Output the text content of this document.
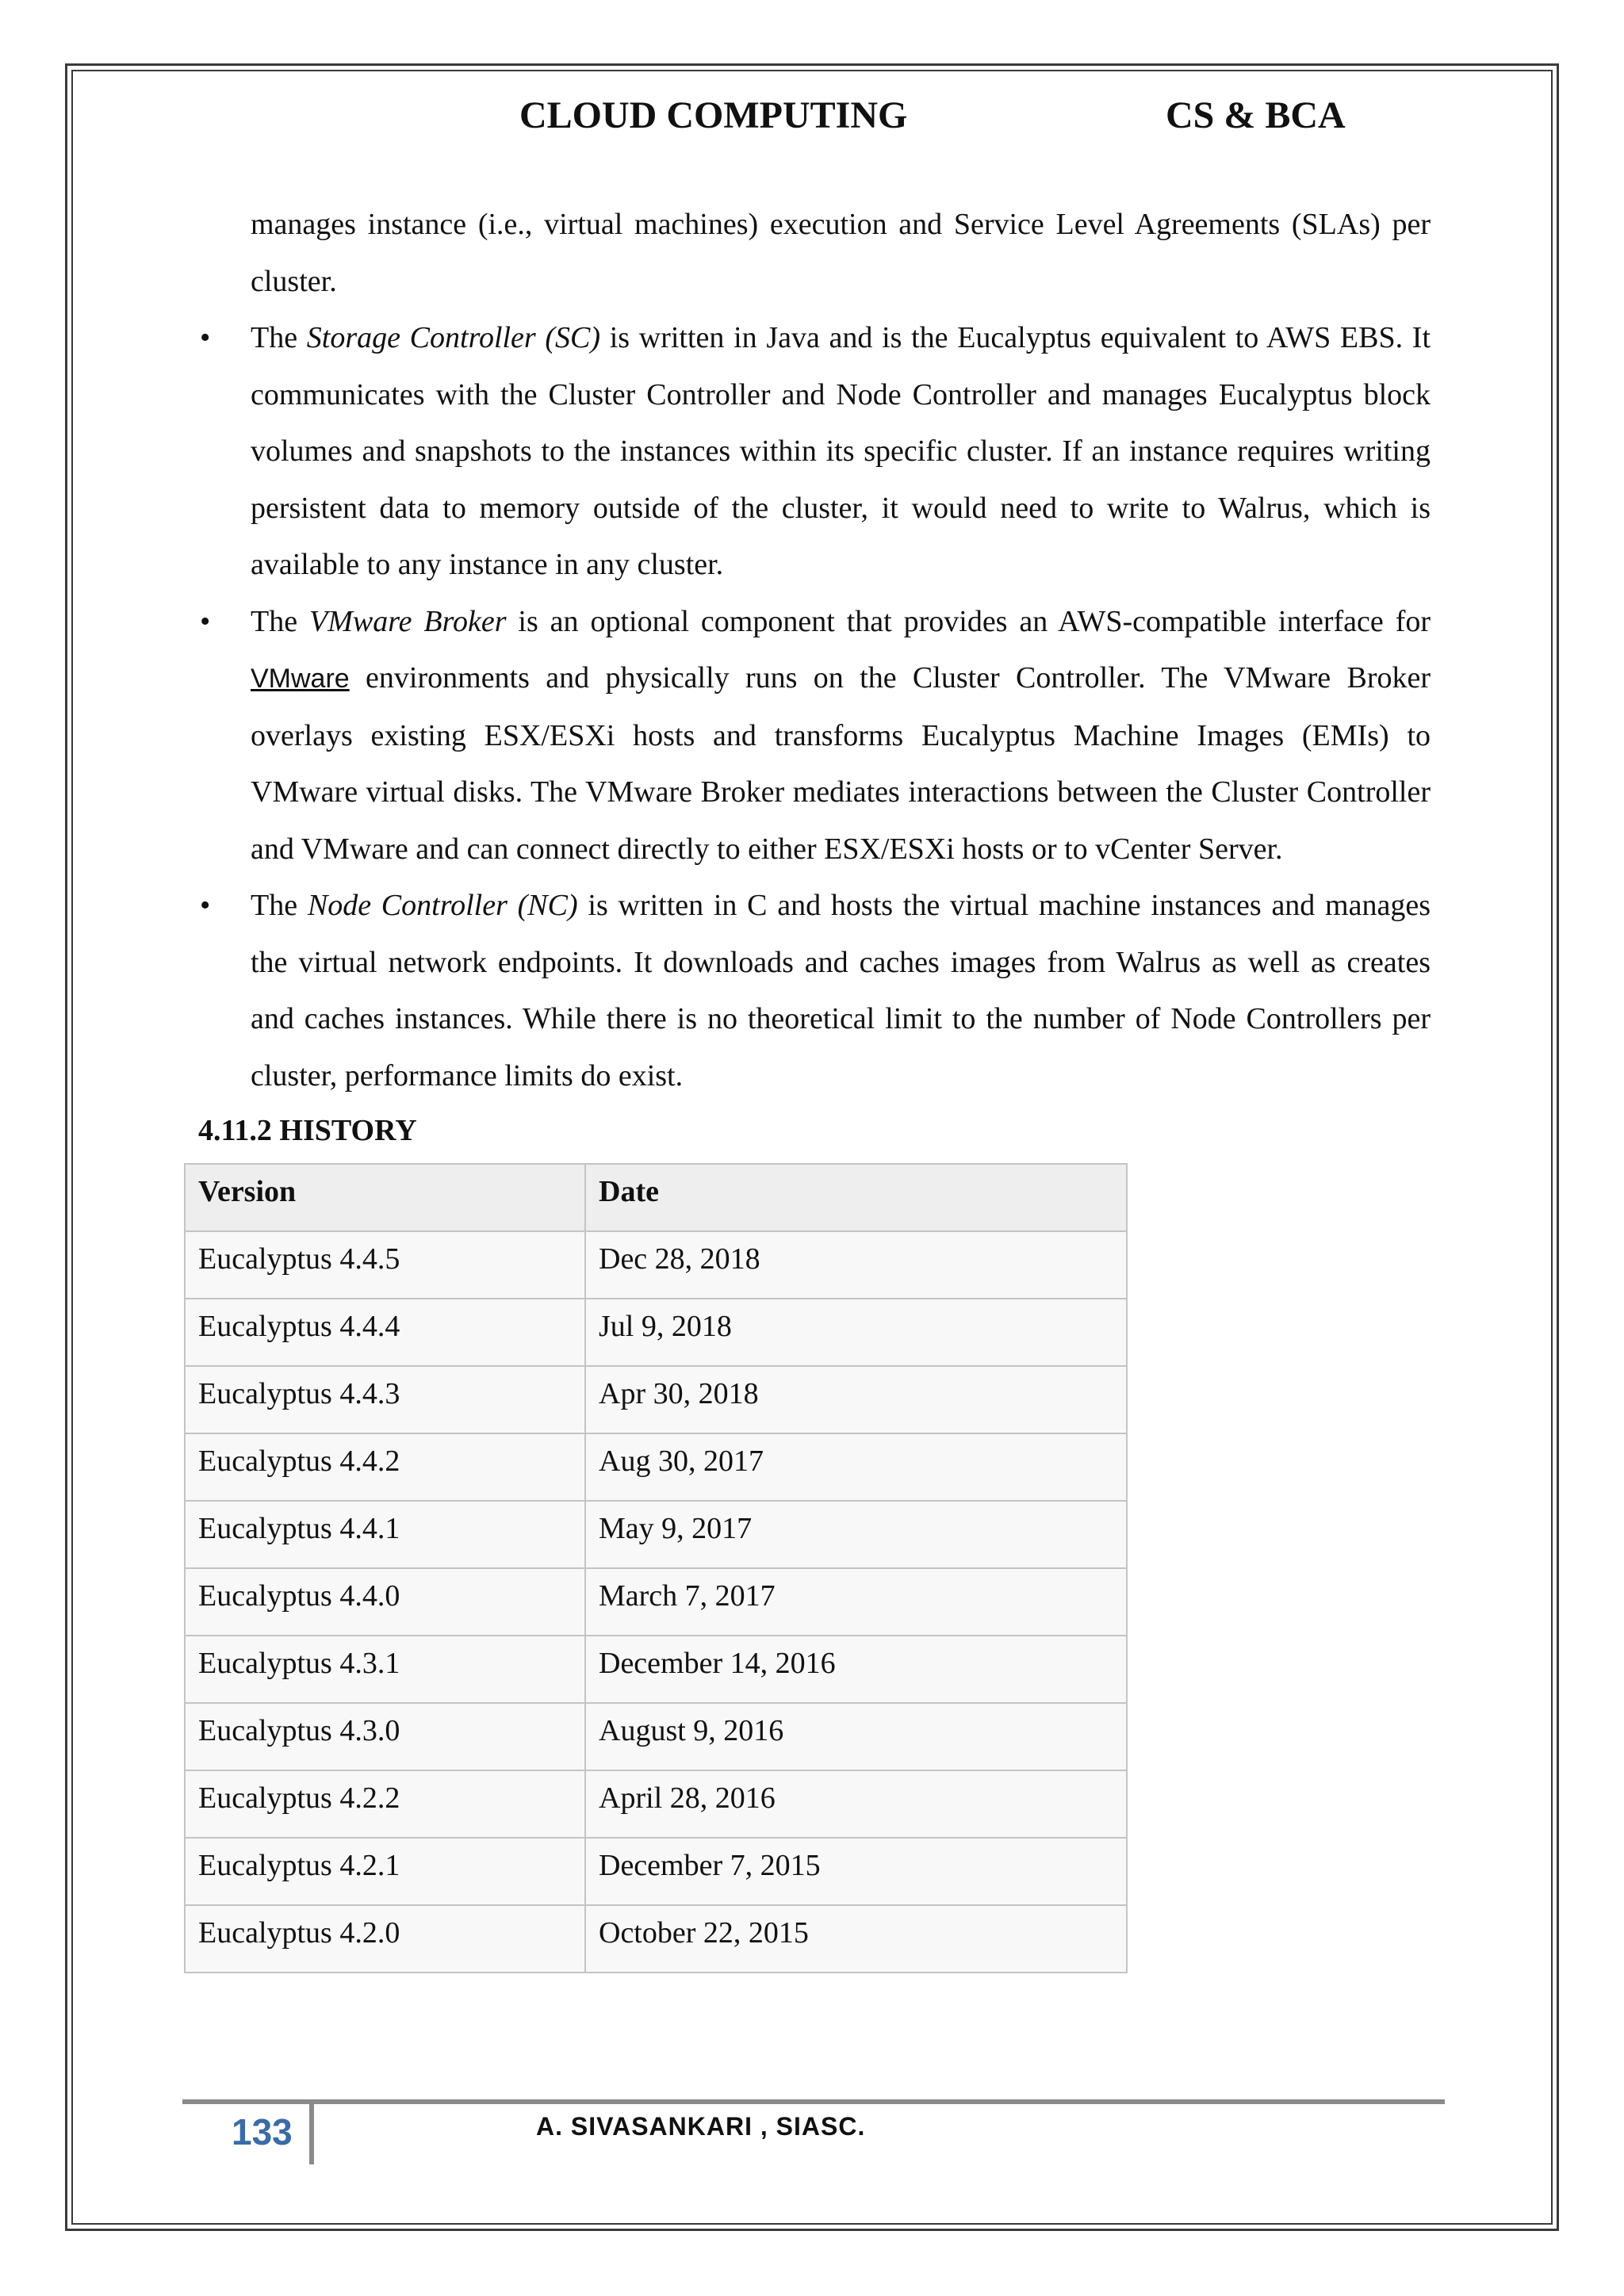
CLOUD COMPUTING	CS & BCA

manages instance (i.e., virtual machines) execution and Service Level Agreements (SLAs) per cluster.

• The Storage Controller (SC) is written in Java and is the Eucalyptus equivalent to AWS EBS. It communicates with the Cluster Controller and Node Controller and manages Eucalyptus block volumes and snapshots to the instances within its specific cluster. If an instance requires writing persistent data to memory outside of the cluster, it would need to write to Walrus, which is available to any instance in any cluster.

• The VMware Broker is an optional component that provides an AWS-compatible interface for VMware environments and physically runs on the Cluster Controller. The VMware Broker overlays existing ESX/ESXi hosts and transforms Eucalyptus Machine Images (EMIs) to VMware virtual disks. The VMware Broker mediates interactions between the Cluster Controller and VMware and can connect directly to either ESX/ESXi hosts or to vCenter Server.

• The Node Controller (NC) is written in C and hosts the virtual machine instances and manages the virtual network endpoints. It downloads and caches images from Walrus as well as creates and caches instances. While there is no theoretical limit to the number of Node Controllers per cluster, performance limits do exist.

4.11.2 HISTORY
Version	Date
Eucalyptus 4.4.5	Dec 28, 2018
Eucalyptus 4.4.4	Jul 9, 2018
Eucalyptus 4.4.3	Apr 30, 2018
Eucalyptus 4.4.2	Aug 30, 2017
Eucalyptus 4.4.1	May 9, 2017
Eucalyptus 4.4.0	March 7, 2017
Eucalyptus 4.3.1	December 14, 2016
Eucalyptus 4.3.0	August 9, 2016
Eucalyptus 4.2.2	April 28, 2016
Eucalyptus 4.2.1	December 7, 2015
Eucalyptus 4.2.0	October 22, 2015
133	A. SIVASANKARI , SIASC.
